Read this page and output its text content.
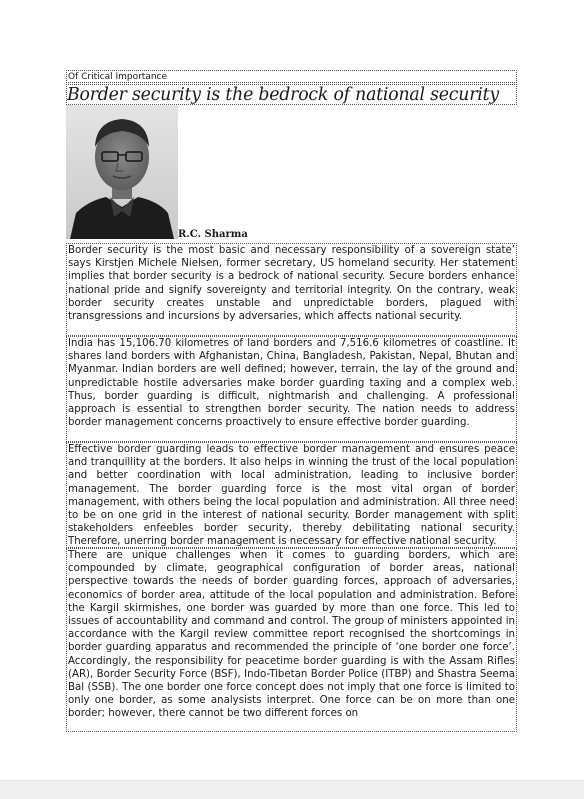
Of Critical Importance
Border security is the bedrock of national security
R.C. Sharma
Border security is the most basic and necessary responsibility of a sovereign state’ says Kirstjen Michele Nielsen, former secretary, US homeland security. Her statement implies that border security is a bedrock of national security. Secure borders enhance national pride and signify sovereignty and territorial integrity. On the contrary, weak border security creates unstable and unpredictable borders, plagued with transgressions and incursions by adversaries, which affects national security.
India has 15,106.70 kilometres of land borders and 7,516.6 kilometres of coastline. It shares land borders with Afghanistan, China, Bangladesh, Pakistan, Nepal, Bhutan and Myanmar. Indian borders are well defined; however, terrain, the lay of the ground and unpredictable hostile adversaries make border guarding taxing and a complex web. Thus, border guarding is difficult, nightmarish and challenging. A professional approach is essential to strengthen border security. The nation needs to address border management concerns proactively to ensure effective border guarding.
Effective border guarding leads to effective border management and ensures peace and tranquillity at the borders. It also helps in winning the trust of the local population and better coordination with local administration, leading to inclusive border management. The border guarding force is the most vital organ of border management, with others being the local population and administration. All three need to be on one grid in the interest of national security. Border management with split stakeholders enfeebles border security, thereby debilitating national security. Therefore, unerring border management is necessary for effective national security.
There are unique challenges when it comes to guarding borders, which are compounded by climate, geographical configuration of border areas, national perspective towards the needs of border guarding forces, approach of adversaries, economics of border area, attitude of the local population and administration. Before the Kargil skirmishes, one border was guarded by more than one force. This led to issues of accountability and command and control. The group of ministers appointed in accordance with the Kargil review committee report recognised the shortcomings in border guarding apparatus and recommended the principle of ‘one border one force’. Accordingly, the responsibility for peacetime border guarding is with the Assam Rifles (AR), Border Security Force (BSF), Indo-Tibetan Border Police (ITBP) and Shastra Seema Bal (SSB). The one border one force concept does not imply that one force is limited to only one border, as some analysists interpret. One force can be on more than one border; however, there cannot be two different forces on
